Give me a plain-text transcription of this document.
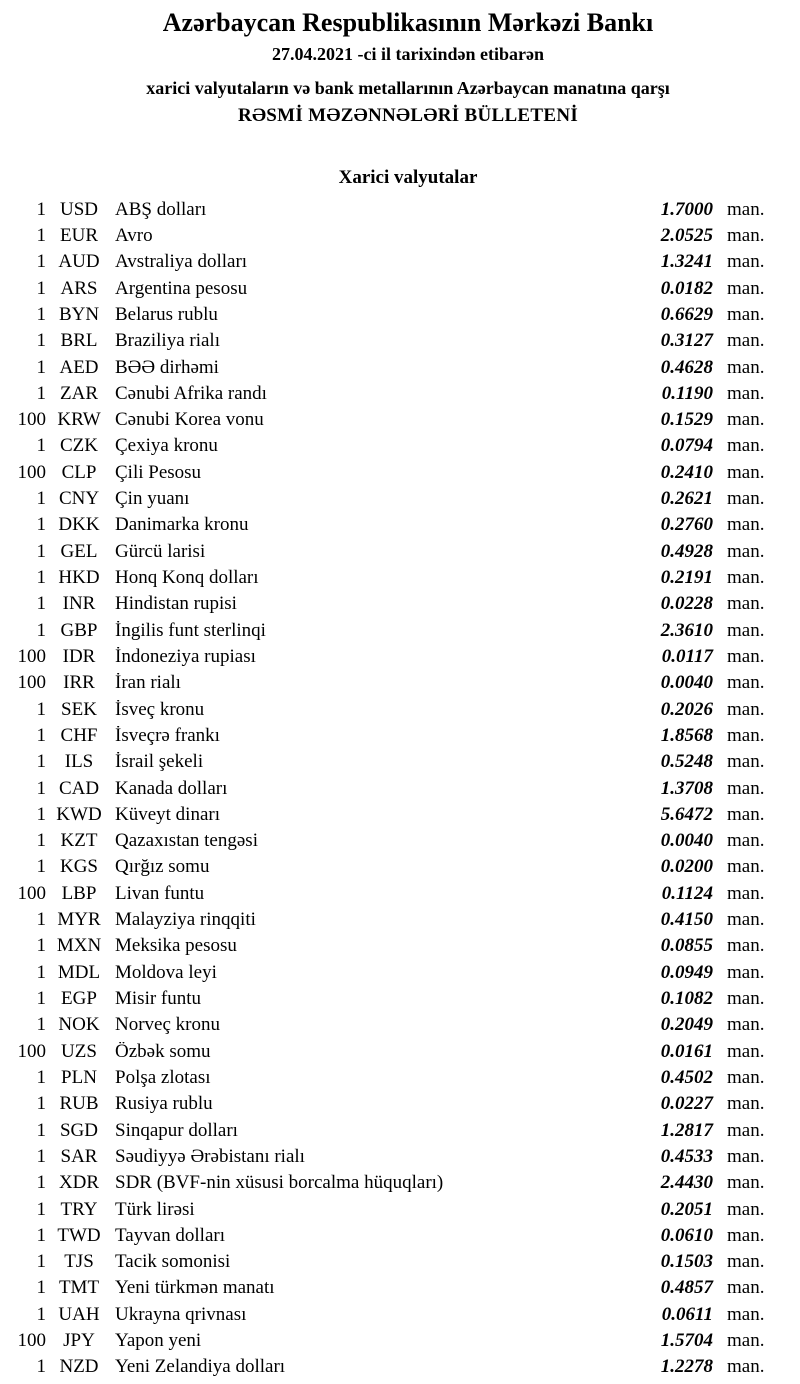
Azərbaycan Respublikasının Mərkəzi Bankı
27.04.2021 -ci il tarixindən etibarən
xarici valyutaların və bank metallarının Azərbaycan manatına qarşı
RƏSMİ MƏZƏNNƏLƏRİ BÜLLETENİ
Xarici valyutalar
1 USD ABŞ dolları	1.7000 man.
1 EUR Avro	2.0525 man.
1 AUD Avstraliya dolları	1.3241 man.
1 ARS Argentina pesosu	0.0182 man.
1 BYN Belarus rublu	0.6629 man.
1 BRL Braziliya rialı	0.3127 man.
1 AED BƏƏ dirhəmi	0.4628 man.
1 ZAR Cənubi Afrika randı	0.1190 man.
100 KRW Cənubi Korea vonu	0.1529 man.
1 CZK Çexiya kronu	0.0794 man.
100 CLP Çili Pesosu	0.2410 man.
1 CNY Çin yuanı	0.2621 man.
1 DKK Danimarka kronu	0.2760 man.
1 GEL Gürcü larisi	0.4928 man.
1 HKD Honq Konq dolları	0.2191 man.
1 INR	Hindistan rupisi	0.0228 man.
1 GBP İngilis funt sterlinqi	2.3610 man.
100 IDR	İndoneziya rupiası	0.0117 man.
100 IRR	İran rialı	0.0040 man.
1 SEK İsveç kronu	0.2026 man.
1 CHF İsveçrə frankı	1.8568 man.
1 ILS	İsrail şekeli	0.5248 man.
1 CAD Kanada dolları	1.3708 man.
1 KWD Küveyt dinarı	5.6472 man.
1 KZT Qazaxıstan tengəsi	0.0040 man.
1 KGS Qırğız somu	0.0200 man.
100 LBP Livan funtu	0.1124 man.
1 MYR Malayziya rinqqiti	0.4150 man.
1 MXN Meksika pesosu	0.0855 man.
1 MDL Moldova leyi	0.0949 man.
1 EGP Misir funtu	0.1082 man.
1 NOK Norveç kronu	0.2049 man.
100 UZS Özbək somu	0.0161 man.
1 PLN Polşa zlotası	0.4502 man.
1 RUB Rusiya rublu	0.0227 man.
1 SGD Sinqapur dolları	1.2817 man.
1 SAR Səudiyyə Ərəbistanı rialı	0.4533 man.
1 XDR SDR (BVF-nin xüsusi borcalma hüquqları)	2.4430 man.
1 TRY Türk lirəsi	0.2051 man.
1 TWD Tayvan dolları	0.0610 man.
1 TJS	Tacik somonisi	0.1503 man.
1 TMT Yeni türkmən manatı	0.4857 man.
1 UAH Ukrayna qrivnası	0.0611 man.
100 JPY	Yapon yeni	1.5704 man.
1 NZD Yeni Zelandiya dolları	1.2278 man.
